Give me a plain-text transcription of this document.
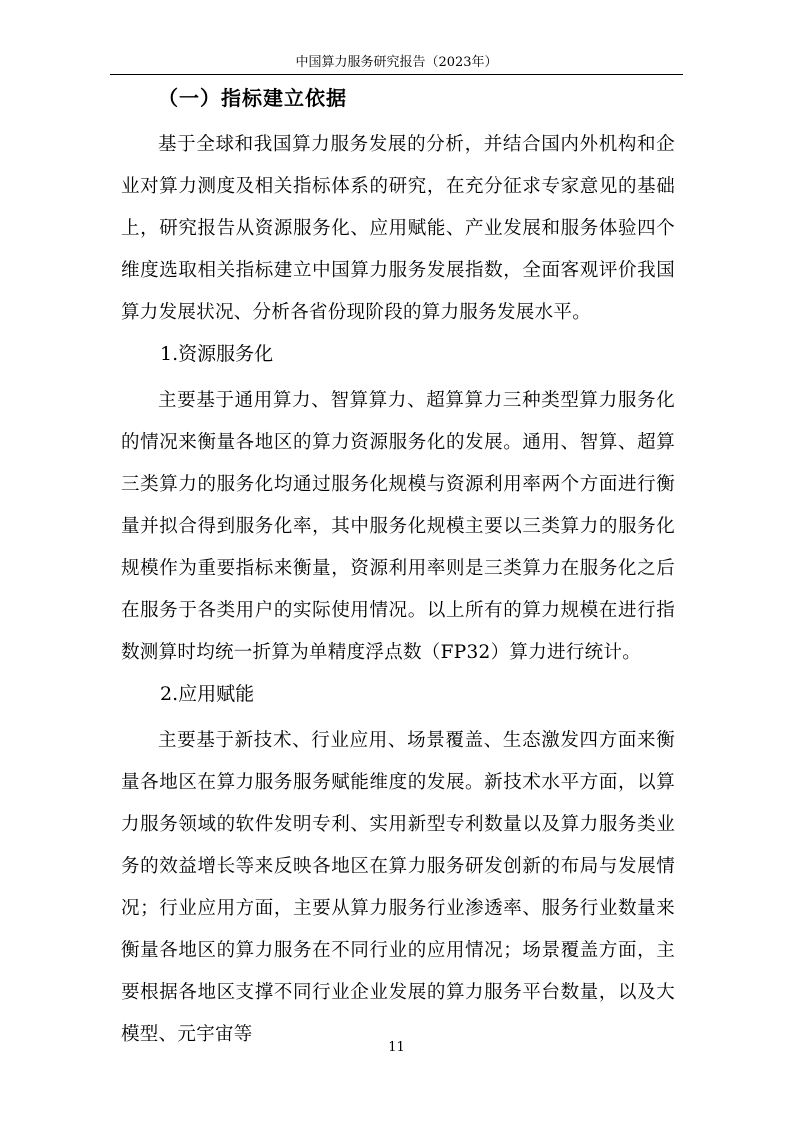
中国算力服务研究报告（2023年）
（一）指标建立依据

基于全球和我国算力服务发展的分析，并结合国内外机构和企业对算力测度及相关指标体系的研究，在充分征求专家意见的基础上，研究报告从资源服务化、应用赋能、产业发展和服务体验四个维度选取相关指标建立中国算力服务发展指数，全面客观评价我国算力发展状况、分析各省份现阶段的算力服务发展水平。

1.资源服务化

主要基于通用算力、智算算力、超算算力三种类型算力服务化的情况来衡量各地区的算力资源服务化的发展。通用、智算、超算三类算力的服务化均通过服务化规模与资源利用率两个方面进行衡量并拟合得到服务化率，其中服务化规模主要以三类算力的服务化规模作为重要指标来衡量，资源利用率则是三类算力在服务化之后在服务于各类用户的实际使用情况。以上所有的算力规模在进行指数测算时均统一折算为单精度浮点数（FP32）算力进行统计。

2.应用赋能

主要基于新技术、行业应用、场景覆盖、生态激发四方面来衡量各地区在算力服务服务赋能维度的发展。新技术水平方面，以算力服务领域的软件发明专利、实用新型专利数量以及算力服务类业务的效益增长等来反映各地区在算力服务研发创新的布局与发展情况；行业应用方面，主要从算力服务行业渗透率、服务行业数量来衡量各地区的算力服务在不同行业的应用情况；场景覆盖方面，主要根据各地区支撑不同行业企业发展的算力服务平台数量，以及大模型、元宇宙等

11
